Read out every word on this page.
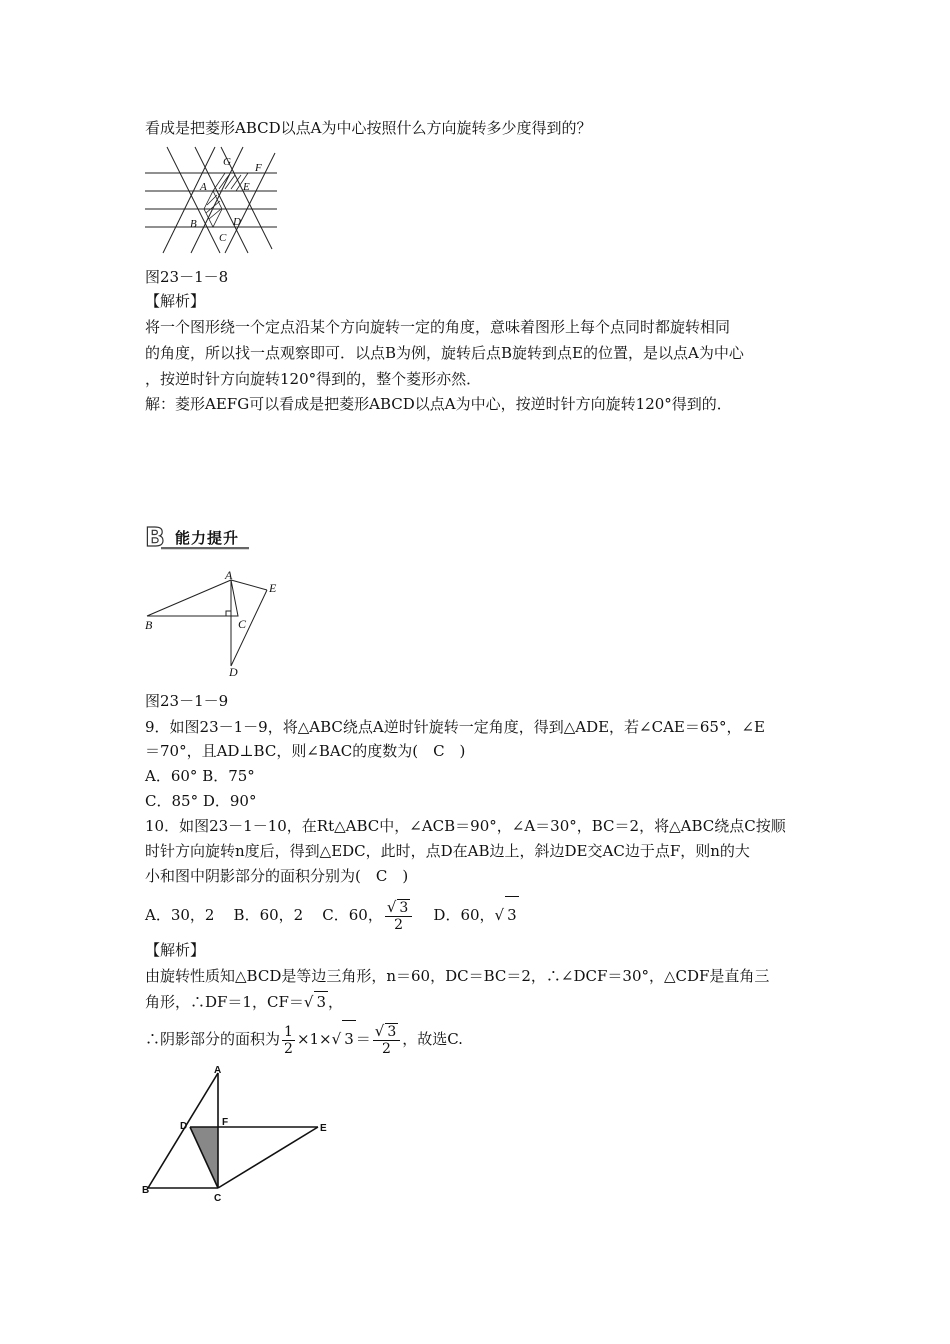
看成是把菱形ABCD以点A为中心按照什么方向旋转多少度得到的？
G F
A	E
B	D
C
图23－1－8
【解析】
将一个图形绕一个定点沿某个方向旋转一定的角度，意味着图形上每个点同时都旋转相同
的角度，所以找一点观察即可．以点B为例，旋转后点B旋转到点E的位置，是以点A为中心
，按逆时针方向旋转120°得到的，整个菱形亦然．
解：菱形AEFG可以看成是把菱形ABCD以点A为中心，按逆时针方向旋转120°得到的．
B 能力提升
A
E
B	C
D
图23－1－9
9．如图23－1－9，将△ABC绕点A逆时针旋转一定角度，得到△ADE，若∠CAE＝65°，∠E
＝70°，且AD⊥BC，则∠BAC的度数为(　C　)
A．60° B．75°
C．85° D．90°
10．如图23－1－10，在Rt△ABC中，∠ACB＝90°，∠A＝30°，BC＝2，将△ABC绕点C按顺
时针方向旋转n度后，得到△EDC，此时，点D在AB边上，斜边DE交AC边于点F，则n的大
小和图中阴影部分的面积分别为(　C　)
A．30，2 B．60，2 C．60， $\frac{√ 3}{2}$ D．60，√ 3
【解析】
由旋转性质知△BCD是等边三角形，n＝60，DC＝BC＝2，∴∠DCF＝30°，△CDF是直角三
角形，∴DF＝1，CF＝√ 3 ，
∴阴影部分的面积为 $\frac{1}{2} \times 1\times√$ $3 = \frac{√ 3}{2}$ ，故选C.
A
D	F
E
B
C
